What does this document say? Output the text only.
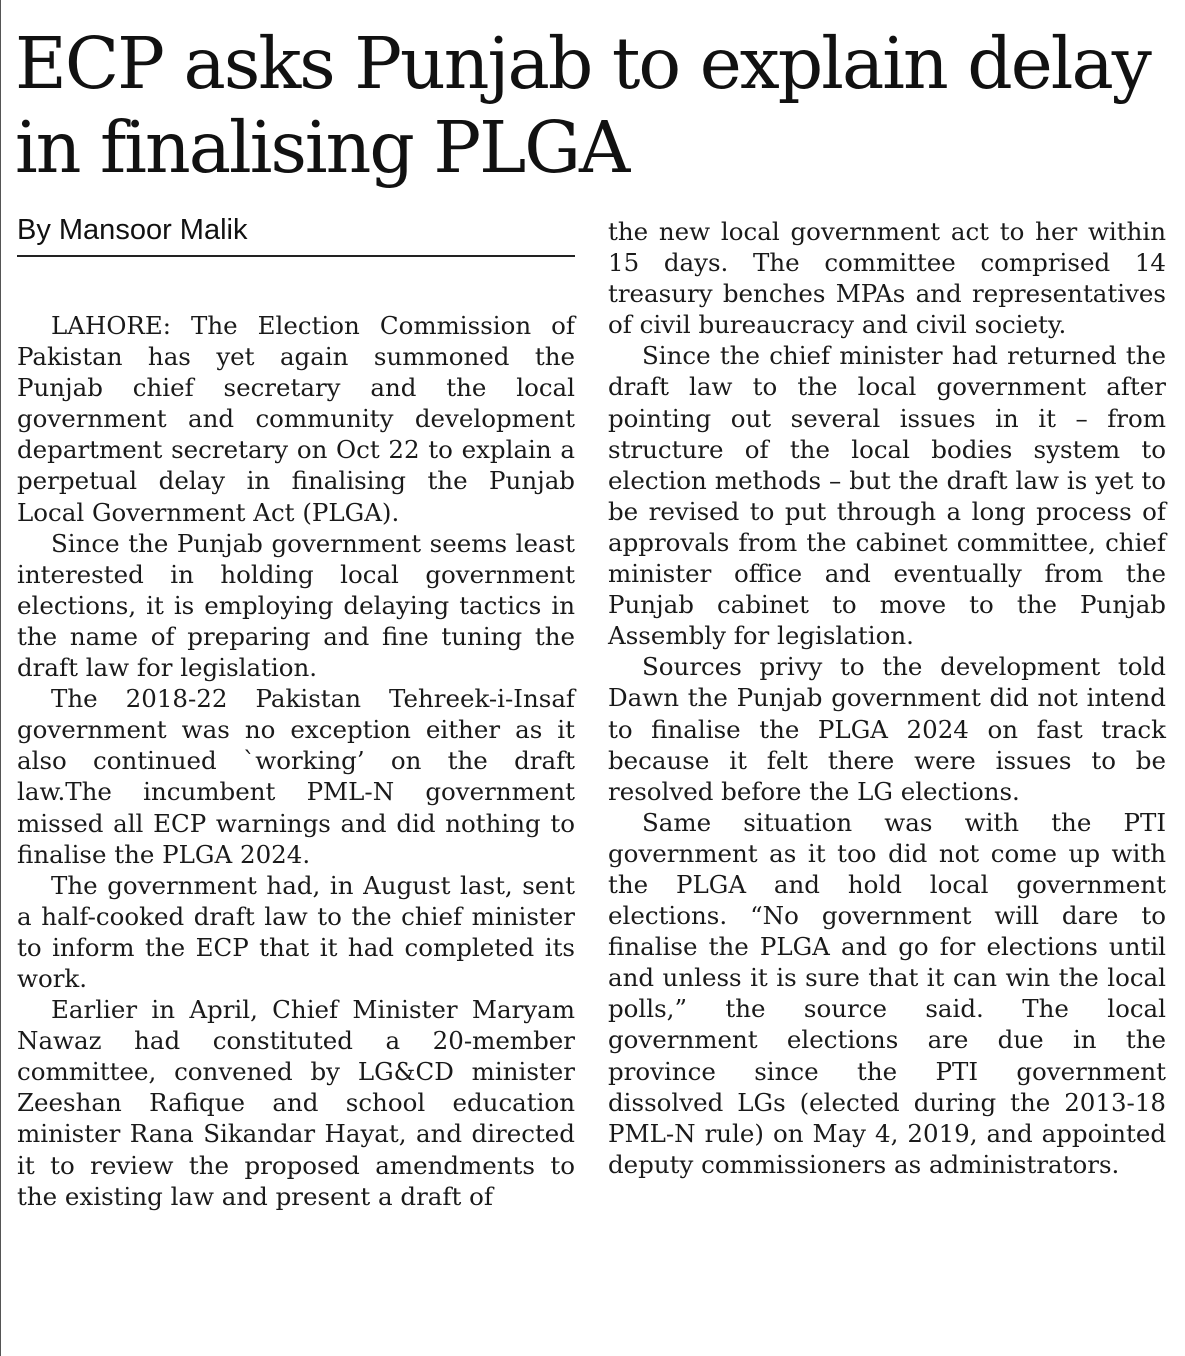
ECP asks Punjab to explain delay in finalising PLGA
By Mansoor Malik

LAHORE: The Election Commission of Pakistan has yet again summoned the Punjab chief secretary and the local government and community development department secretary on Oct 22 to explain a perpetual delay in finalising the Punjab Local Government Act (PLGA).

Since the Punjab government seems least interested in holding local government elections, it is employing delaying tactics in the name of preparing and fine tuning the draft law for legislation.

The 2018-22 Pakistan Tehreek-i-Insaf government was no exception either as it also continued `working’ on the draft law.The incumbent PML-N government missed all ECP warnings and did nothing to finalise the PLGA 2024.

The government had, in August last, sent a half-cooked draft law to the chief minister to inform the ECP that it had completed its work.

Earlier in April, Chief Minister Maryam Nawaz had constituted a 20-member committee, convened by LG&CD minister Zeeshan Rafique and school education minister Rana Sikandar Hayat, and directed it to review the proposed amendments to the existing law and present a draft of

the new local government act to her within 15 days. The committee comprised 14 treasury benches MPAs and representatives of civil bureaucracy and civil society.

Since the chief minister had returned the draft law to the local government after pointing out several issues in it – from structure of the local bodies system to election methods – but the draft law is yet to be revised to put through a long process of approvals from the cabinet committee, chief minister office and eventually from the Punjab cabinet to move to the Punjab Assembly for legislation.

Sources privy to the development told Dawn the Punjab government did not intend to finalise the PLGA 2024 on fast track because it felt there were issues to be resolved before the LG elections.

Same situation was with the PTI government as it too did not come up with the PLGA and hold local government elections. “No government will dare to finalise the PLGA and go for elections until and unless it is sure that it can win the local polls,” the source said. The local government elections are due in the province since the PTI government dissolved LGs (elected during the 2013-18 PML-N rule) on May 4, 2019, and appointed deputy commissioners as administrators.
